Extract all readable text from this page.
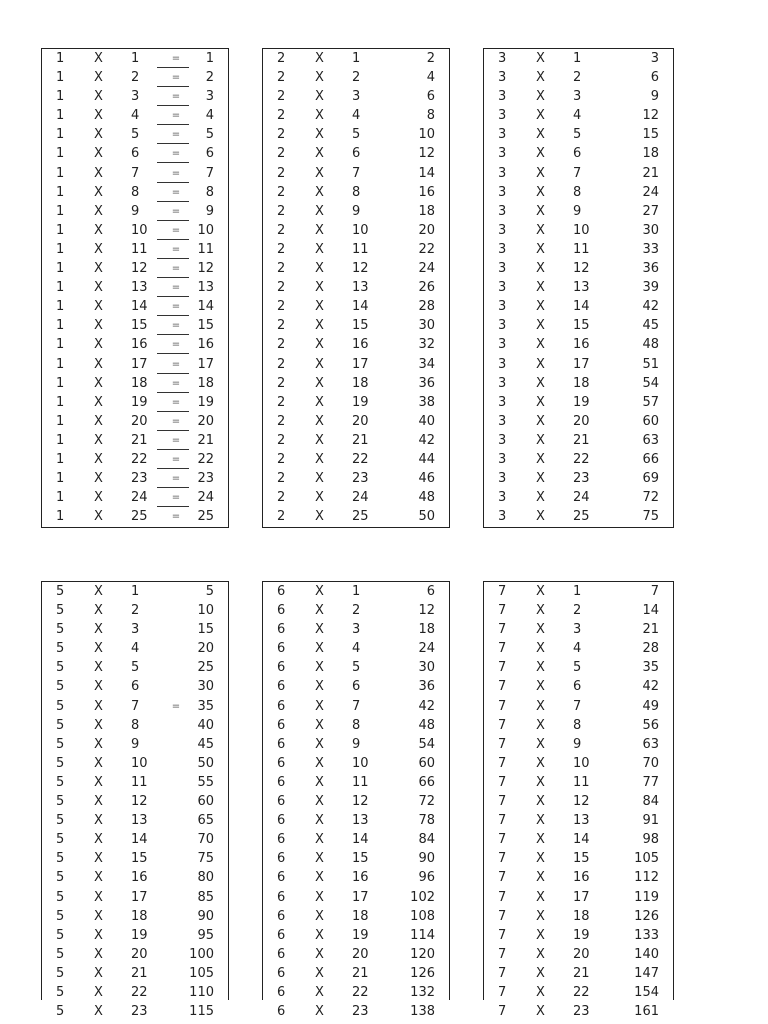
1 X 1	=	1
1 X 2	=	2
1 X 3	=	3
1 X 4	=	4
1 X 5	=	5
1 X 6	=	6
1 X 7	=	7
1 X 8	=	8
1 X 9	=	9
1 X 10	=	10
1 X 11	=	11
1 X 12	=	12
1 X 13	=	13
1 X 14	=	14
1 X 15	=	15
1 X 16	=	16
1 X 17	=	17
1 X 18	=	18
1 X 19	=	19
1 X 20	=	20
1 X 21	=	21
1 X 22	=	22
1 X 23	=	23
1 X 24	=	24
1 X 25	=	25
2 X 1	2
2 X 2	4
2 X 3	6
2 X 4	8
2 X 5	10
2 X 6	12
2 X 7	14
2 X 8	16
2 X 9	18
2 X 10	20
2 X 11	22
2 X 12	24
2 X 13	26
2 X 14	28
2 X 15	30
2 X 16	32
2 X 17	34
2 X 18	36
2 X 19	38
2 X 20	40
2 X 21	42
2 X 22	44
2 X 23	46
2 X 24	48
2 X 25	50
3 X 1	3
3 X 2	6
3 X 3	9
3 X 4	12
3 X 5	15
3 X 6	18
3 X 7	21
3 X 8	24
3 X 9	27
3 X 10	30
3 X 11	33
3 X 12	36
3 X 13	39
3 X 14	42
3 X 15	45
3 X 16	48
3 X 17	51
3 X 18	54
3 X 19	57
3 X 20	60
3 X 21	63
3 X 22	66
3 X 23	69
3 X 24	72
3 X 25	75
5 X 1	5
5 X 2	10
5 X 3	15
5 X 4	20
5 X 5	25
5 X 6	30
5 X 7	=	35
5 X 8	40
5 X 9	45
5 X 10	50
5 X 11	55
5 X 12	60
5 X 13	65
5 X 14	70
5 X 15	75
5 X 16	80
5 X 17	85
5 X 18	90
5 X 19	95
5 X 20	100
5 X 21	105
5 X 22	110
5 X 23	115
6 X 1	6
6 X 2	12
6 X 3	18
6 X 4	24
6 X 5	30
6 X 6	36
6 X 7	42
6 X 8	48
6 X 9	54
6 X 10	60
6 X 11	66
6 X 12	72
6 X 13	78
6 X 14	84
6 X 15	90
6 X 16	96
6 X 17	102
6 X 18	108
6 X 19	114
6 X 20	120
6 X 21	126
6 X 22	132
6 X 23	138
7 X 1	7
7 X 2	14
7 X 3	21
7 X 4	28
7 X 5	35
7 X 6	42
7 X 7	49
7 X 8	56
7 X 9	63
7 X 10	70
7 X 11	77
7 X 12	84
7 X 13	91
7 X 14	98
7 X 15	105
7 X 16	112
7 X 17	119
7 X 18	126
7 X 19	133
7 X 20	140
7 X 21	147
7 X 22	154
7 X 23	161
